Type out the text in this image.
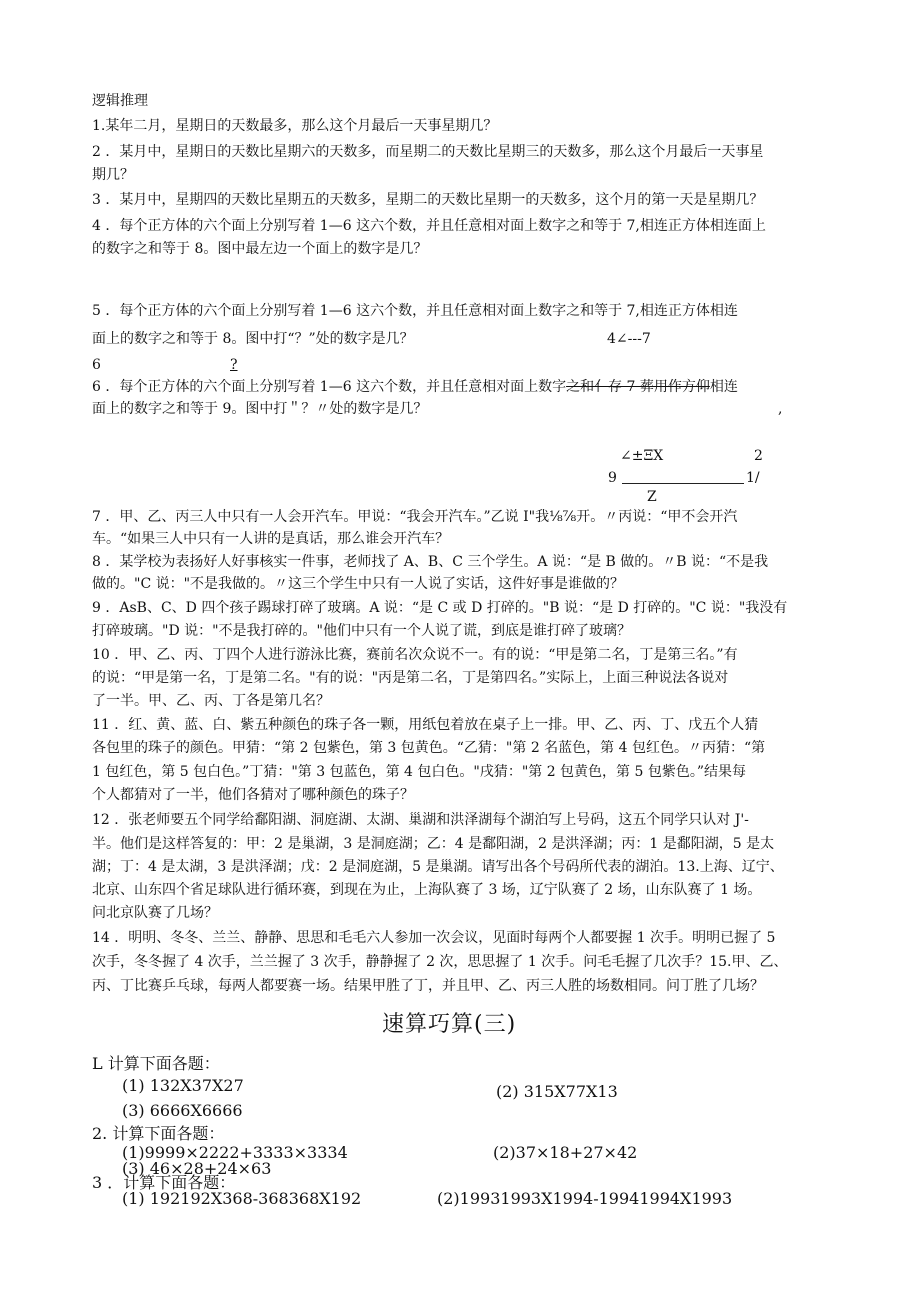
逻辑推理
1.某年二月，星期日的天数最多，那么这个月最后一天事星期几？
2 ．某月中，星期日的天数比星期六的天数多，而星期二的天数比星期三的天数多，那么这个月最后一天事星
期几？
3 ．某月中，星期四的天数比星期五的天数多，星期二的天数比星期一的天数多，这个月的第一天是星期几？
4 ．每个正方体的六个面上分别写着 1—6 这六个数，并且任意相对面上数字之和等于 7,相连正方体相连面上
的数字之和等于 8。图中最左边一个面上的数字是几？
5 ．每个正方体的六个面上分别写着 1—6 这六个数，并且任意相对面上数字之和等于 7,相连正方体相连
面上的数字之和等于 8。图中打“？”处的数字是几？	4∠---7
6	?
6 ．每个正方体的六个面上分别写着 1—6 这六个数，并且任意相对面上数字之和亻存 7 葬用作方仰相连
面上的数字之和等于 9。图中打＂？〃处的数字是几？	,
∠±ΞX	2
9	1/
Z
7 ．甲、乙、丙三人中只有一人会开汽车。甲说：“我会开汽车。”乙说 I"我⅛⅞开。〃丙说：“甲不会开汽
车。“如果三人中只有一人讲的是真话，那么谁会开汽车？
8 ．某学校为表扬好人好事核实一件事，老师找了 A、B、C 三个学生。A 说：“是 B 做的。〃B 说：“不是我
做的。"C 说："不是我做的。〃这三个学生中只有一人说了实话，这件好事是谁做的？
9 ．AsB、C、D 四个孩子踢球打碎了玻璃。A 说：“是 C 或 D 打碎的。"B 说：“是 D 打碎的。"C 说："我没有
打碎玻璃。"D 说："不是我打碎的。"他们中只有一个人说了谎，到底是谁打碎了玻璃？
10 ．甲、乙、丙、丁四个人进行游泳比赛，赛前名次众说不一。有的说：“甲是第二名，丁是第三名。”有
的说：“甲是第一名，丁是第二名。"有的说："丙是第二名，丁是第四名。”实际上，上面三种说法各说对
了一半。甲、乙、丙、丁各是第几名？
11 ．红、黄、蓝、白、紫五种颜色的珠子各一颗，用纸包着放在桌子上一排。甲、乙、丙、丁、戊五个人猜
各包里的珠子的颜色。甲猜：“第 2 包紫色，第 3 包黄色。“乙猜："第 2 名蓝色，第 4 包红色。〃丙猜：“第
1 包红色，第 5 包白色。”丁猜："第 3 包蓝色，第 4 包白色。"戌猜："第 2 包黄色，第 5 包紫色。”结果每
个人都猜对了一半，他们各猜对了哪种颜色的珠子？
12 ．张老师要五个同学给鄱阳湖、洞庭湖、太湖、巢湖和洪泽湖每个湖泊写上号码，这五个同学只认对 J'-
半。他们是这样答复的：甲：2 是巢湖，3 是洞庭湖；乙：4 是鄱阳湖，2 是洪泽湖；丙：1 是鄱阳湖，5 是太
湖；丁：4 是太湖，3 是洪泽湖；戊：2 是洞庭湖，5 是巢湖。请写出各个号码所代表的湖泊。13.上海、辽宁、
北京、山东四个省足球队进行循环赛，到现在为止，上海队赛了 3 场，辽宁队赛了 2 场，山东队赛了 1 场。
问北京队赛了几场？
14 ．明明、冬冬、兰兰、静静、思思和毛毛六人参加一次会议，见面时每两个人都要握 1 次手。明明已握了 5
次手，冬冬握了 4 次手，兰兰握了 3 次手，静静握了 2 次，思思握了 1 次手。问毛毛握了几次手？15.甲、乙、
丙、丁比赛乒乓球，每两人都要赛一场。结果甲胜了丁，并且甲、乙、丙三人胜的场数相同。问丁胜了几场？
速算巧算(三)
L 计算下面各题：
(1) 132X37X27	(2) 315X77X13
(3) 6666X6666
2. 计算下面各题：
(1)9999×2222+3333×3334	(2)37×18+27×42
(3) 46×28+24×63
3 ．计算下面各题：
(1) 192192X368-368368X192	(2)19931993X1994-19941994X1993
